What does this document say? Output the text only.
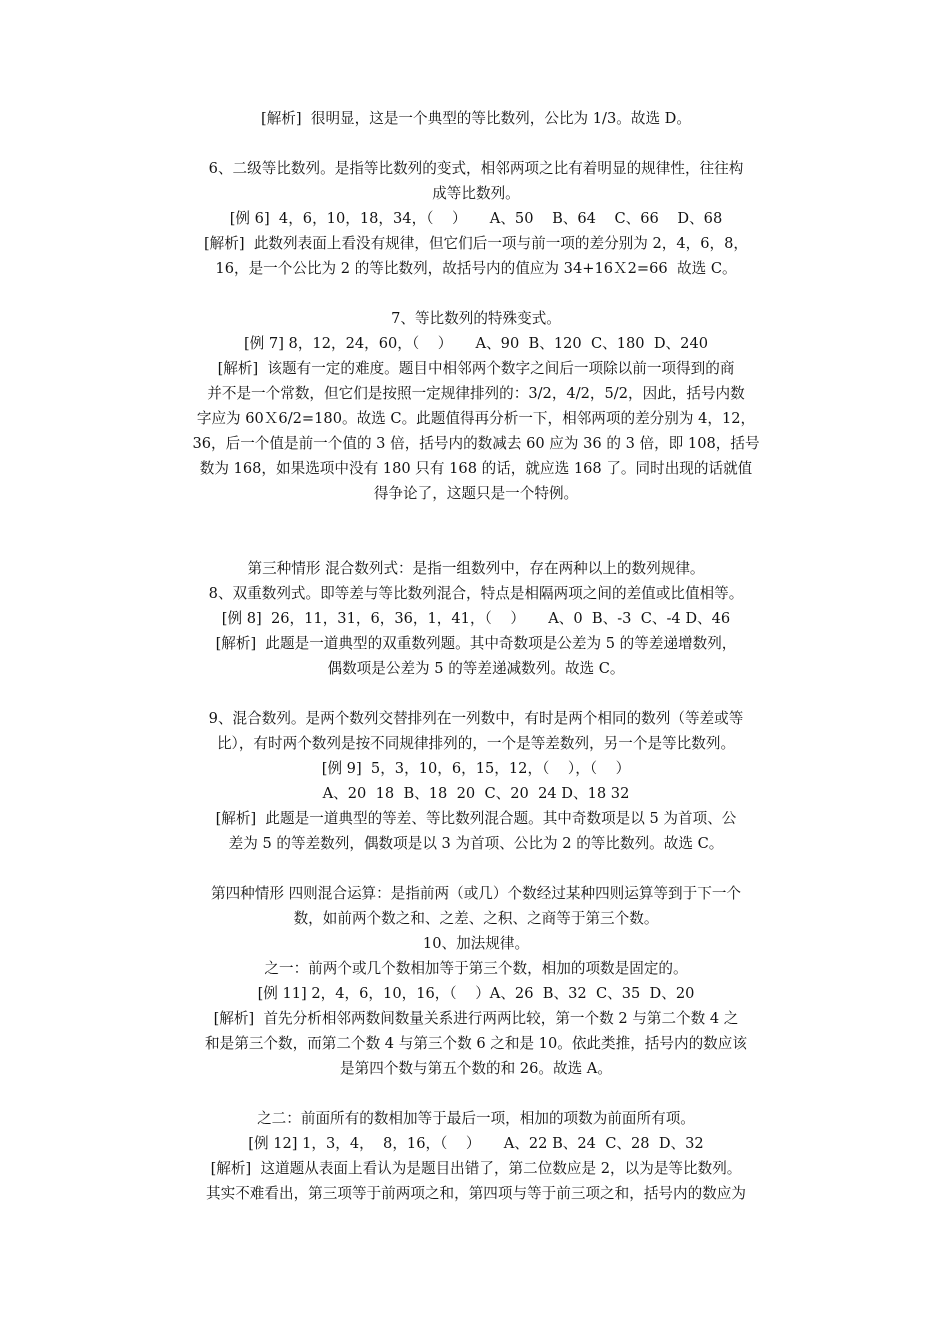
[解析]  很明显，这是一个典型的等比数列，公比为 1/3。故选 D。
6、二级等比数列。是指等比数列的变式，相邻两项之比有着明显的规律性，往往构
成等比数列。
[例 6]  4，6，10，18，34，（    ）     A、50    B、64    C、66    D、68
[解析]  此数列表面上看没有规律，但它们后一项与前一项的差分别为 2，4，6，8，
16，是一个公比为 2 的等比数列，故括号内的值应为 34+16Ｘ2=66  故选 C。
7、等比数列的特殊变式。
[例 7] 8，12，24，60，（    ）     A、90  B、120  C、180  D、240
[解析]  该题有一定的难度。题目中相邻两个数字之间后一项除以前一项得到的商
并不是一个常数，但它们是按照一定规律排列的：3/2，4/2，5/2，因此，括号内数
字应为 60Ｘ6/2=180。故选 C。此题值得再分析一下，相邻两项的差分别为 4，12，
36，后一个值是前一个值的 3 倍，括号内的数减去 60 应为 36 的 3 倍，即 108，括号
数为 168，如果选项中没有 180 只有 168 的话，就应选 168 了。同时出现的话就值
得争论了，这题只是一个特例。
第三种情形 混合数列式：是指一组数列中，存在两种以上的数列规律。
8、双重数列式。即等差与等比数列混合，特点是相隔两项之间的差值或比值相等。
[例 8]  26，11，31，6，36，1，41，（    ）     A、0  B、-3  C、-4 D、46
[解析]  此题是一道典型的双重数列题。其中奇数项是公差为 5 的等差递增数列，
偶数项是公差为 5 的等差递减数列。故选 C。
9、混合数列。是两个数列交替排列在一列数中，有时是两个相同的数列（等差或等
比），有时两个数列是按不同规律排列的，一个是等差数列，另一个是等比数列。
[例 9]  5，3，10，6，15，12，（    ），（    ）
A、20  18  B、18  20  C、20  24 D、18 32
[解析]  此题是一道典型的等差、等比数列混合题。其中奇数项是以 5 为首项、公
差为 5 的等差数列，偶数项是以 3 为首项、公比为 2 的等比数列。故选 C。
第四种情形 四则混合运算：是指前两（或几）个数经过某种四则运算等到于下一个
数，如前两个数之和、之差、之积、之商等于第三个数。
10、加法规律。
之一：前两个或几个数相加等于第三个数，相加的项数是固定的。
[例 11] 2，4，6，10，16，（    ）A、26  B、32  C、35  D、20
[解析]  首先分析相邻两数间数量关系进行两两比较，第一个数 2 与第二个数 4 之
和是第三个数，而第二个数 4 与第三个数 6 之和是 10。依此类推，括号内的数应该
是第四个数与第五个数的和 26。故选 A。
之二：前面所有的数相加等于最后一项，相加的项数为前面所有项。
[例 12] 1，3，4，  8，16，（    ）     A、22 B、24  C、28  D、32
[解析]  这道题从表面上看认为是题目出错了，第二位数应是 2，以为是等比数列。
其实不难看出，第三项等于前两项之和，第四项与等于前三项之和，括号内的数应为
